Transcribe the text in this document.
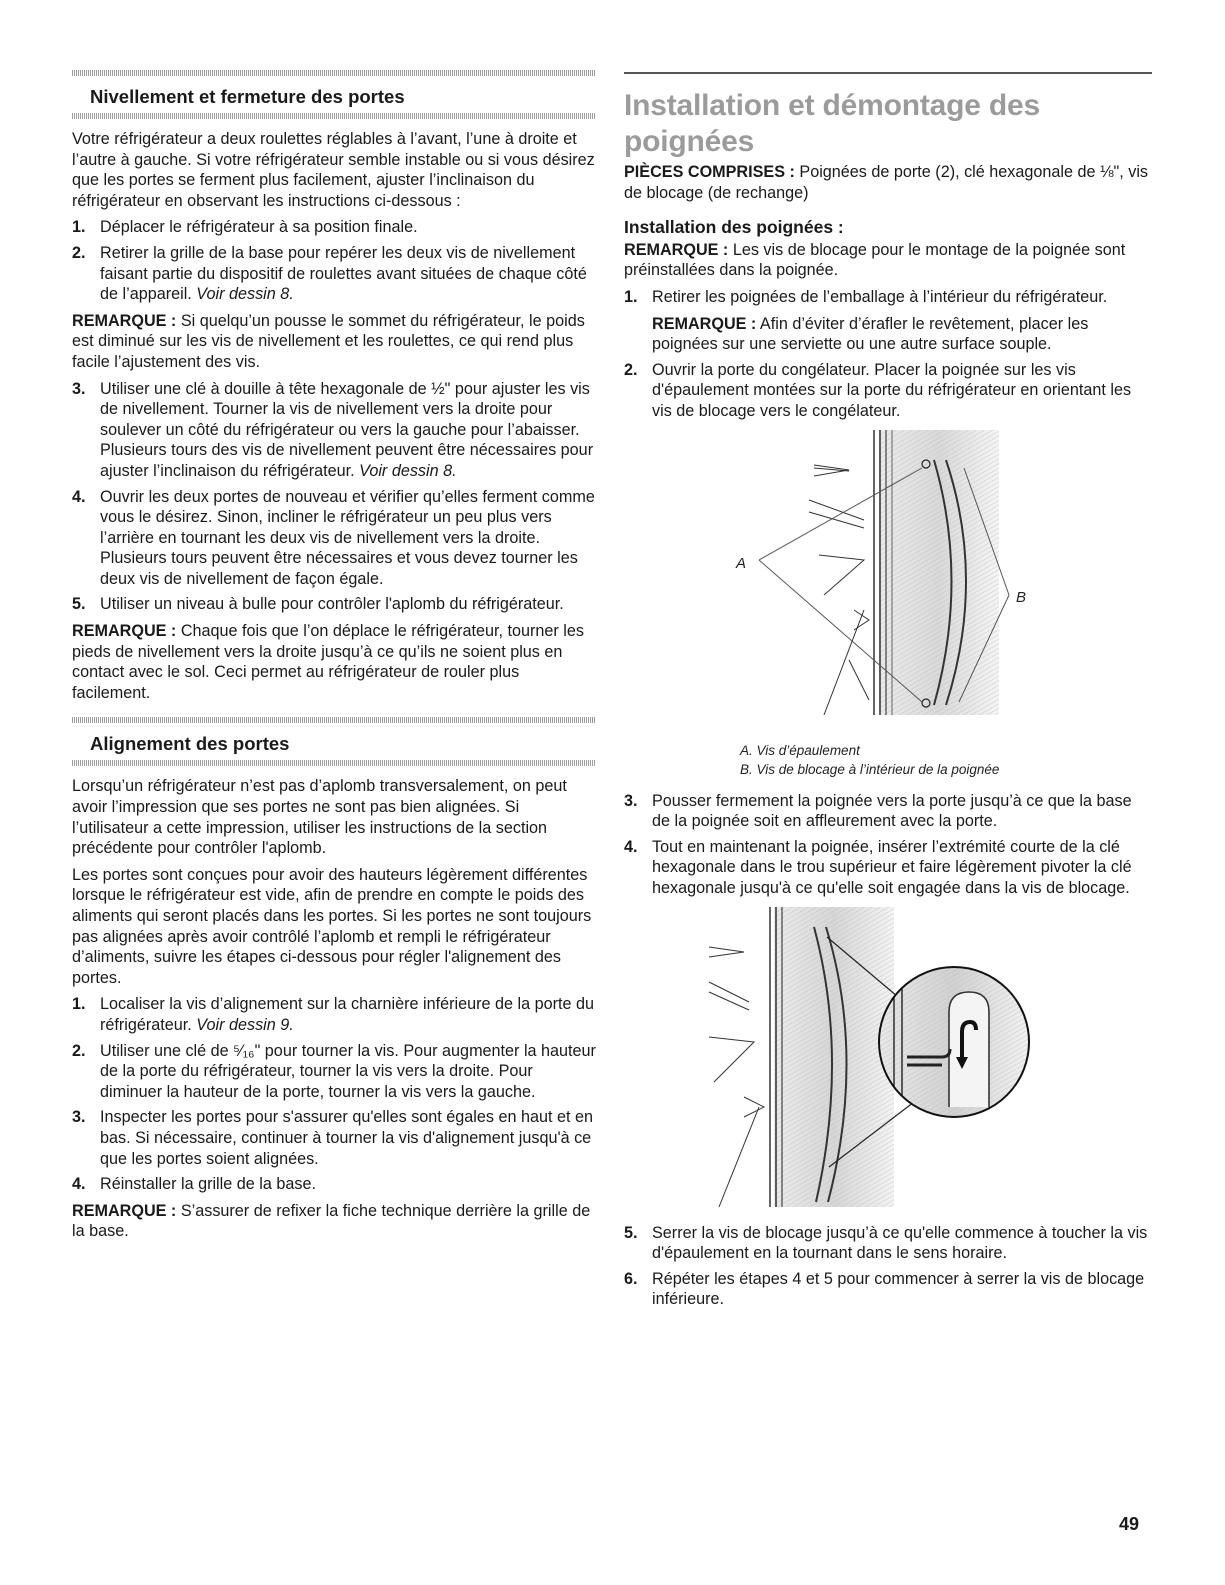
Nivellement et fermeture des portes

Votre réfrigérateur a deux roulettes réglables à l’avant, l’une à droite et l’autre à gauche. Si votre réfrigérateur semble instable ou si vous désirez que les portes se ferment plus facilement, ajuster l’inclinaison du réfrigérateur en observant les instructions ci-dessous :

1. Déplacer le réfrigérateur à sa position finale.
2. Retirer la grille de la base pour repérer les deux vis de nivellement faisant partie du dispositif de roulettes avant situées de chaque côté de l’appareil. Voir dessin 8.

REMARQUE : Si quelqu’un pousse le sommet du réfrigérateur, le poids est diminué sur les vis de nivellement et les roulettes, ce qui rend plus facile l’ajustement des vis.

3. Utiliser une clé à douille à tête hexagonale de ½" pour ajuster les vis de nivellement. Tourner la vis de nivellement vers la droite pour soulever un côté du réfrigérateur ou vers la gauche pour l’abaisser. Plusieurs tours des vis de nivellement peuvent être nécessaires pour ajuster l’inclinaison du réfrigérateur. Voir dessin 8.
4. Ouvrir les deux portes de nouveau et vérifier qu’elles ferment comme vous le désirez. Sinon, incliner le réfrigérateur un peu plus vers l’arrière en tournant les deux vis de nivellement vers la droite. Plusieurs tours peuvent être nécessaires et vous devez tourner les deux vis de nivellement de façon égale.
5. Utiliser un niveau à bulle pour contrôler l'aplomb du réfrigérateur.

REMARQUE : Chaque fois que l’on déplace le réfrigérateur, tourner les pieds de nivellement vers la droite jusqu’à ce qu’ils ne soient plus en contact avec le sol. Ceci permet au réfrigérateur de rouler plus facilement.

Alignement des portes

Lorsqu’un réfrigérateur n’est pas d’aplomb transversalement, on peut avoir l’impression que ses portes ne sont pas bien alignées. Si l’utilisateur a cette impression, utiliser les instructions de la section précédente pour contrôler l'aplomb.

Les portes sont conçues pour avoir des hauteurs légèrement différentes lorsque le réfrigérateur est vide, afin de prendre en compte le poids des aliments qui seront placés dans les portes. Si les portes ne sont toujours pas alignées après avoir contrôlé l’aplomb et rempli le réfrigérateur d’aliments, suivre les étapes ci-dessous pour régler l'alignement des portes.

1. Localiser la vis d’alignement sur la charnière inférieure de la porte du réfrigérateur. Voir dessin 9.
2. Utiliser une clé de ⁵⁄₁₆" pour tourner la vis. Pour augmenter la hauteur de la porte du réfrigérateur, tourner la vis vers la droite. Pour diminuer la hauteur de la porte, tourner la vis vers la gauche.
3. Inspecter les portes pour s'assurer qu'elles sont égales en haut et en bas. Si nécessaire, continuer à tourner la vis d'alignement jusqu'à ce que les portes soient alignées.
4. Réinstaller la grille de la base.

REMARQUE : S’assurer de refixer la fiche technique derrière la grille de la base.

Installation et démontage des poignées

PIÈCES COMPRISES : Poignées de porte (2), clé hexagonale de ⅛", vis de blocage (de rechange)

Installation des poignées :

REMARQUE : Les vis de blocage pour le montage de la poignée sont préinstallées dans la poignée.

1. Retirer les poignées de l’emballage à l’intérieur du réfrigérateur.
REMARQUE : Afin d’éviter d’érafler le revêtement, placer les poignées sur une serviette ou une autre surface souple.
2. Ouvrir la porte du congélateur. Placer la poignée sur les vis d'épaulement montées sur la porte du réfrigérateur en orientant les vis de blocage vers le congélateur.
A
B
A. Vis d’épaulement
B. Vis de blocage à l’intérieur de la poignée
3. Pousser fermement la poignée vers la porte jusqu’à ce que la base de la poignée soit en affleurement avec la porte.
4. Tout en maintenant la poignée, insérer l’extrémité courte de la clé hexagonale dans le trou supérieur et faire légèrement pivoter la clé hexagonale jusqu'à ce qu'elle soit engagée dans la vis de blocage.
5. Serrer la vis de blocage jusqu’à ce qu'elle commence à toucher la vis d'épaulement en la tournant dans le sens horaire.
6. Répéter les étapes 4 et 5 pour commencer à serrer la vis de blocage inférieure.
49
